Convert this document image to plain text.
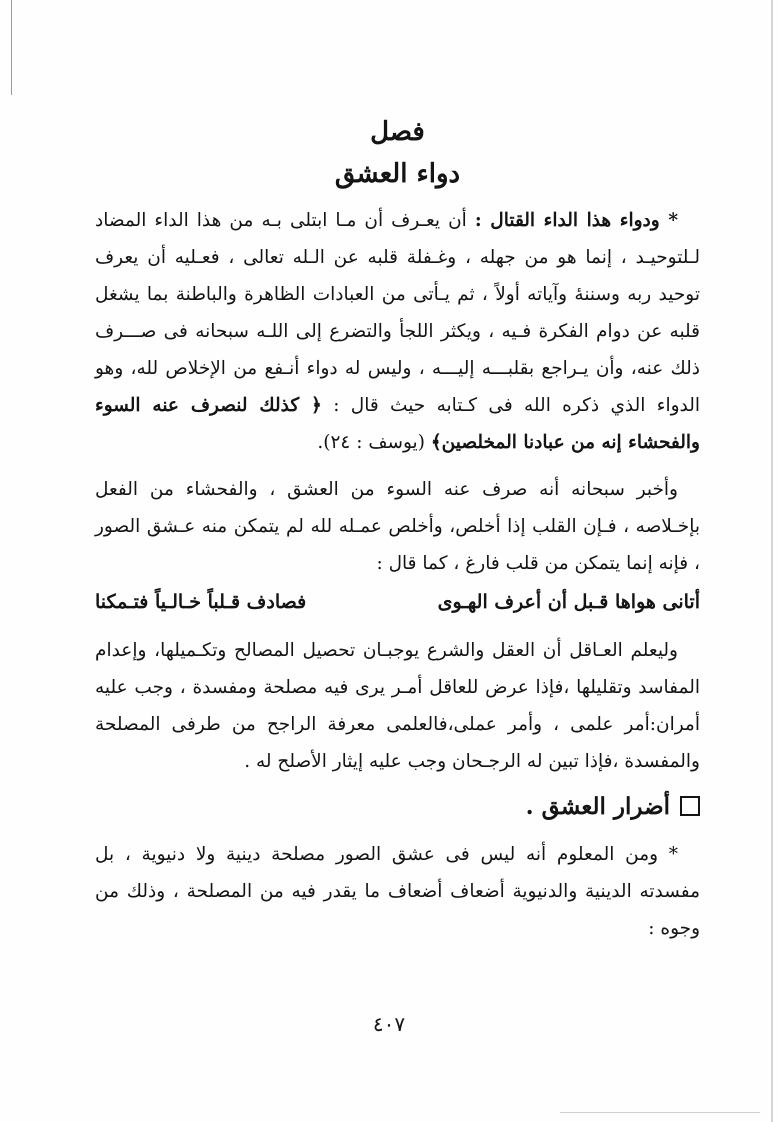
فصل
دواء العشق

* ودواء هذا الداء القتال : أن يعـرف أن مـا ابتلى بـه من هذا الداء المضاد لـلتوحيـد ، إنما هو من جهله ، وغـفلة قلبه عن الـله تعالى ، فعـليه أن يعرف توحيد ربه وسننهٔ وآياته أولاً ، ثم يـأتى من العبادات الظاهرة والباطنة بما يشغل قلبه عن دوام الفكرة فـيه ، ويكثر اللجأ والتضرع إلى اللـه سبحانه فى صـــرف ذلك عنه، وأن يـراجع بقلبـــه إليـــه ، وليس له دواء أنـفع من الإخلاص لله، وهو الدواء الذي ذكره الله فى كـتابه حيث قال : ﴿ كذلك لنصرف عنه السوء والفحشاء إنه من عبادنا المخلصين﴾ (يوسف : ٢٤).

وأخبر سبحانه أنه صرف عنه السوء من العشق ، والفحشاء من الفعل بإخـلاصه ، فـإن القلب إذا أخلص، وأخلص عمـله لله لم يتمكن منه عـشق الصور ، فإنه إنما يتمكن من قلب فارغ ، كما قال :

أتانى هواها قـبل أن أعرف الهـوى
فصادف قـلباً خـالـياً فتـمكنا

وليعلم العـاقل أن العقل والشرع يوجبـان تحصيل المصالح وتكـميلها، وإعدام المفاسد وتقليلها ،فإذا عرض للعاقل أمـر يرى فيه مصلحة ومفسدة ، وجب عليه أمران:أمر علمى ، وأمر عملى،فالعلمى معرفة الراجح من طرفى المصلحة والمفسدة ،فإذا تبين له الرجـحان وجب عليه إيثار الأصلح له .

أضرار العشق .

* ومن المعلوم أنه ليس فى عشق الصور مصلحة دينية ولا دنيوية ، بل مفسدته الدينية والدنيوية أضعاف أضعاف ما يقدر فيه من المصلحة ، وذلك من وجوه :

٤٠٧
